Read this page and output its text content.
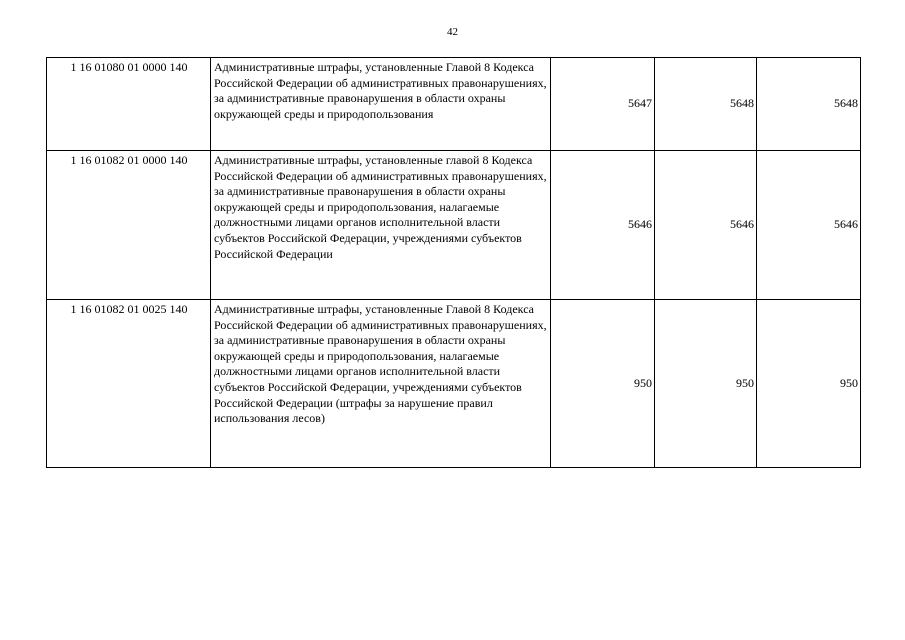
42
1 16 01080 01 0000 140	Административные штрафы, установленные Главой 8 Кодекса Российской Федерации об административных правонарушениях, за административные правонарушения в области охраны окружающей среды и природопользования	5647	5648	5648
1 16 01082 01 0000 140	Административные штрафы, установленные главой 8 Кодекса Российской Федерации об административных правонарушениях, за административные правонарушения в области охраны окружающей среды и природопользования, налагаемые должностными лицами органов исполнительной власти субъектов Российской Федерации, учреждениями субъектов Российской Федерации	5646	5646	5646
1 16 01082 01 0025 140	Административные штрафы, установленные Главой 8 Кодекса Российской Федерации об административных правонарушениях, за административные правонарушения в области охраны окружающей среды и природопользования, налагаемые должностными лицами органов исполнительной власти субъектов Российской Федерации, учреждениями субъектов Российской Федерации (штрафы за нарушение правил использования лесов)	950	950	950
